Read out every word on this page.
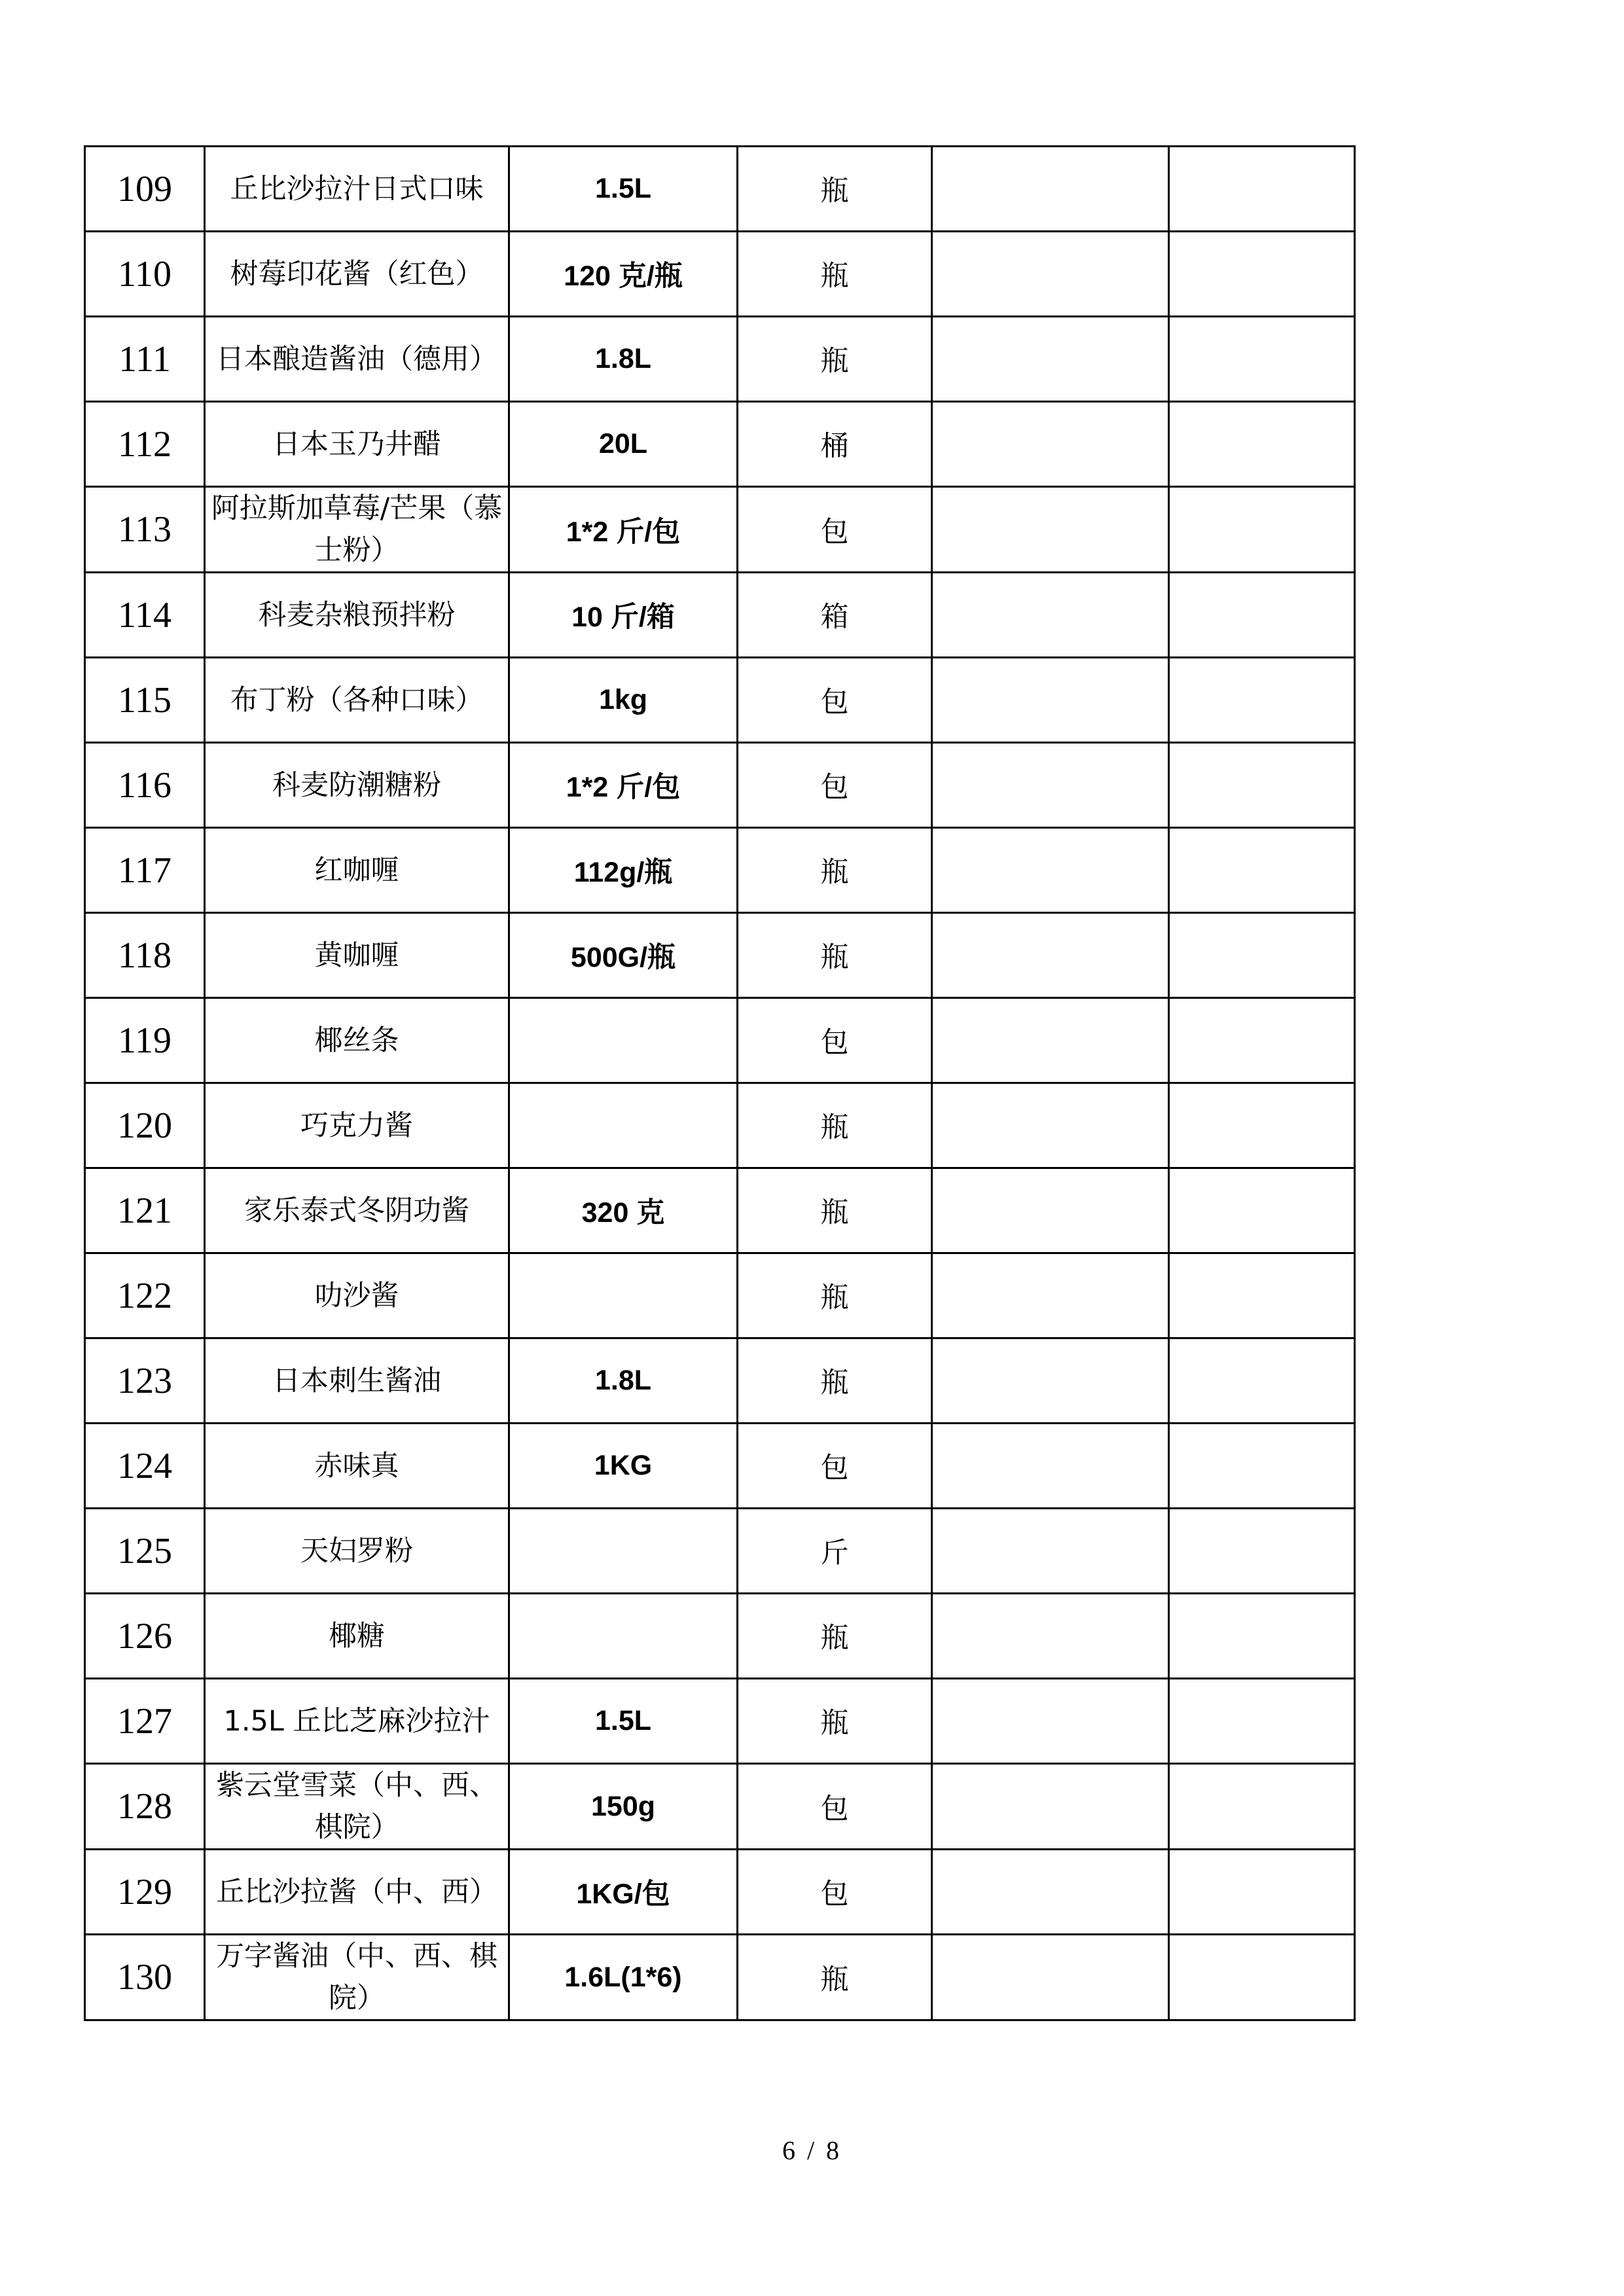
109	丘比沙拉汁日式口味	1.5L	瓶		
110	树莓印花酱（红色）	120 克/瓶	瓶		
111	日本酿造酱油（德用）	1.8L	瓶		
112	日本玉乃井醋	20L	桶		
113	阿拉斯加草莓/芒果（慕士粉）	1*2 斤/包	包		
114	科麦杂粮预拌粉	10 斤/箱	箱		
115	布丁粉（各种口味）	1kg	包		
116	科麦防潮糖粉	1*2 斤/包	包		
117	红咖喱	112g/瓶	瓶		
118	黄咖喱	500G/瓶	瓶		
119	椰丝条		包		
120	巧克力酱		瓶		
121	家乐泰式冬阴功酱	320 克	瓶		
122	叻沙酱		瓶		
123	日本刺生酱油	1.8L	瓶		
124	赤味真	1KG	包		
125	天妇罗粉		斤		
126	椰糖		瓶		
127	1.5L 丘比芝麻沙拉汁	1.5L	瓶		
128	紫云堂雪菜（中、西、棋院）	150g	包		
129	丘比沙拉酱（中、西）	1KG/包	包		
130	万字酱油（中、西、棋院）	1.6L(1*6)	瓶		
6 / 8
